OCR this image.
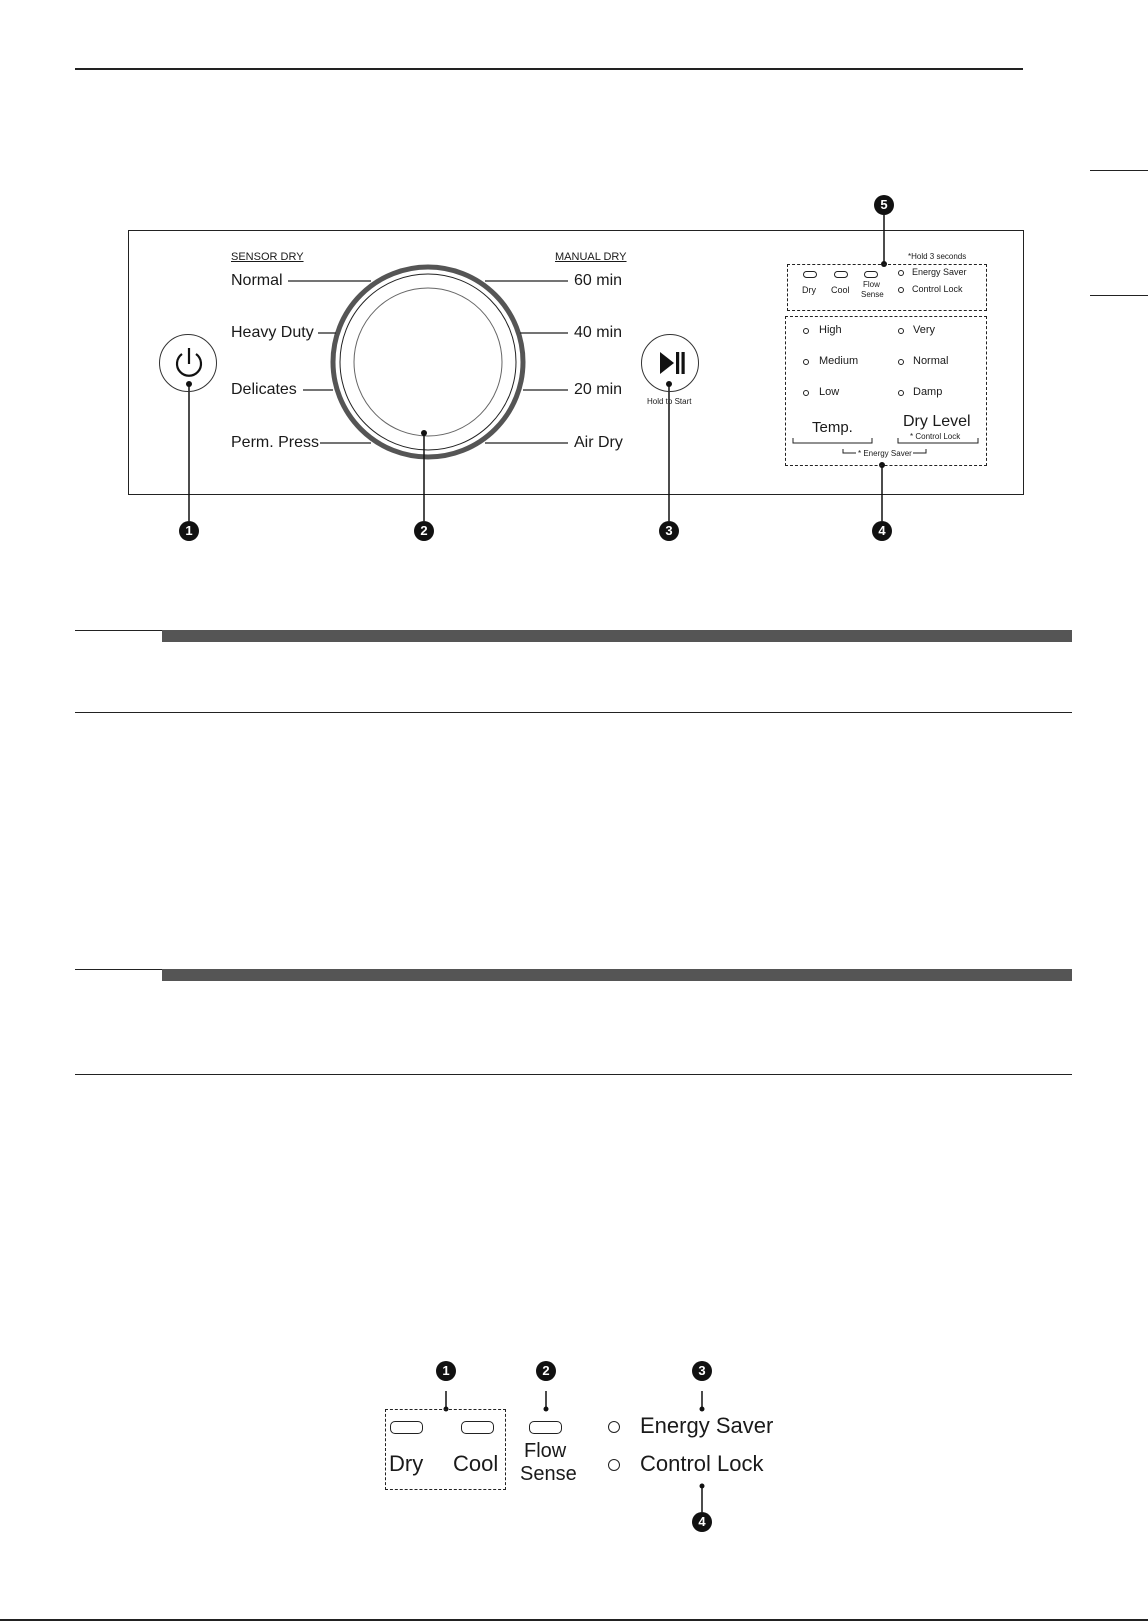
SENSOR DRY	MANUAL DRY
Normal
Heavy Duty
Delicates
Perm. Press
60 min
40 min
20 min
Air Dry
Hold to Start
*Hold 3 seconds
Dry Cool
Flow
Sense
Energy Saver
Control Lock
High
Medium
Low
Very
Normal
Damp
Temp.	Dry Level
* Control Lock
* Energy Saver
1	2	3	4
5
Dry Cool Flow
Sense
Energy Saver
Control Lock
1	2	3
4
